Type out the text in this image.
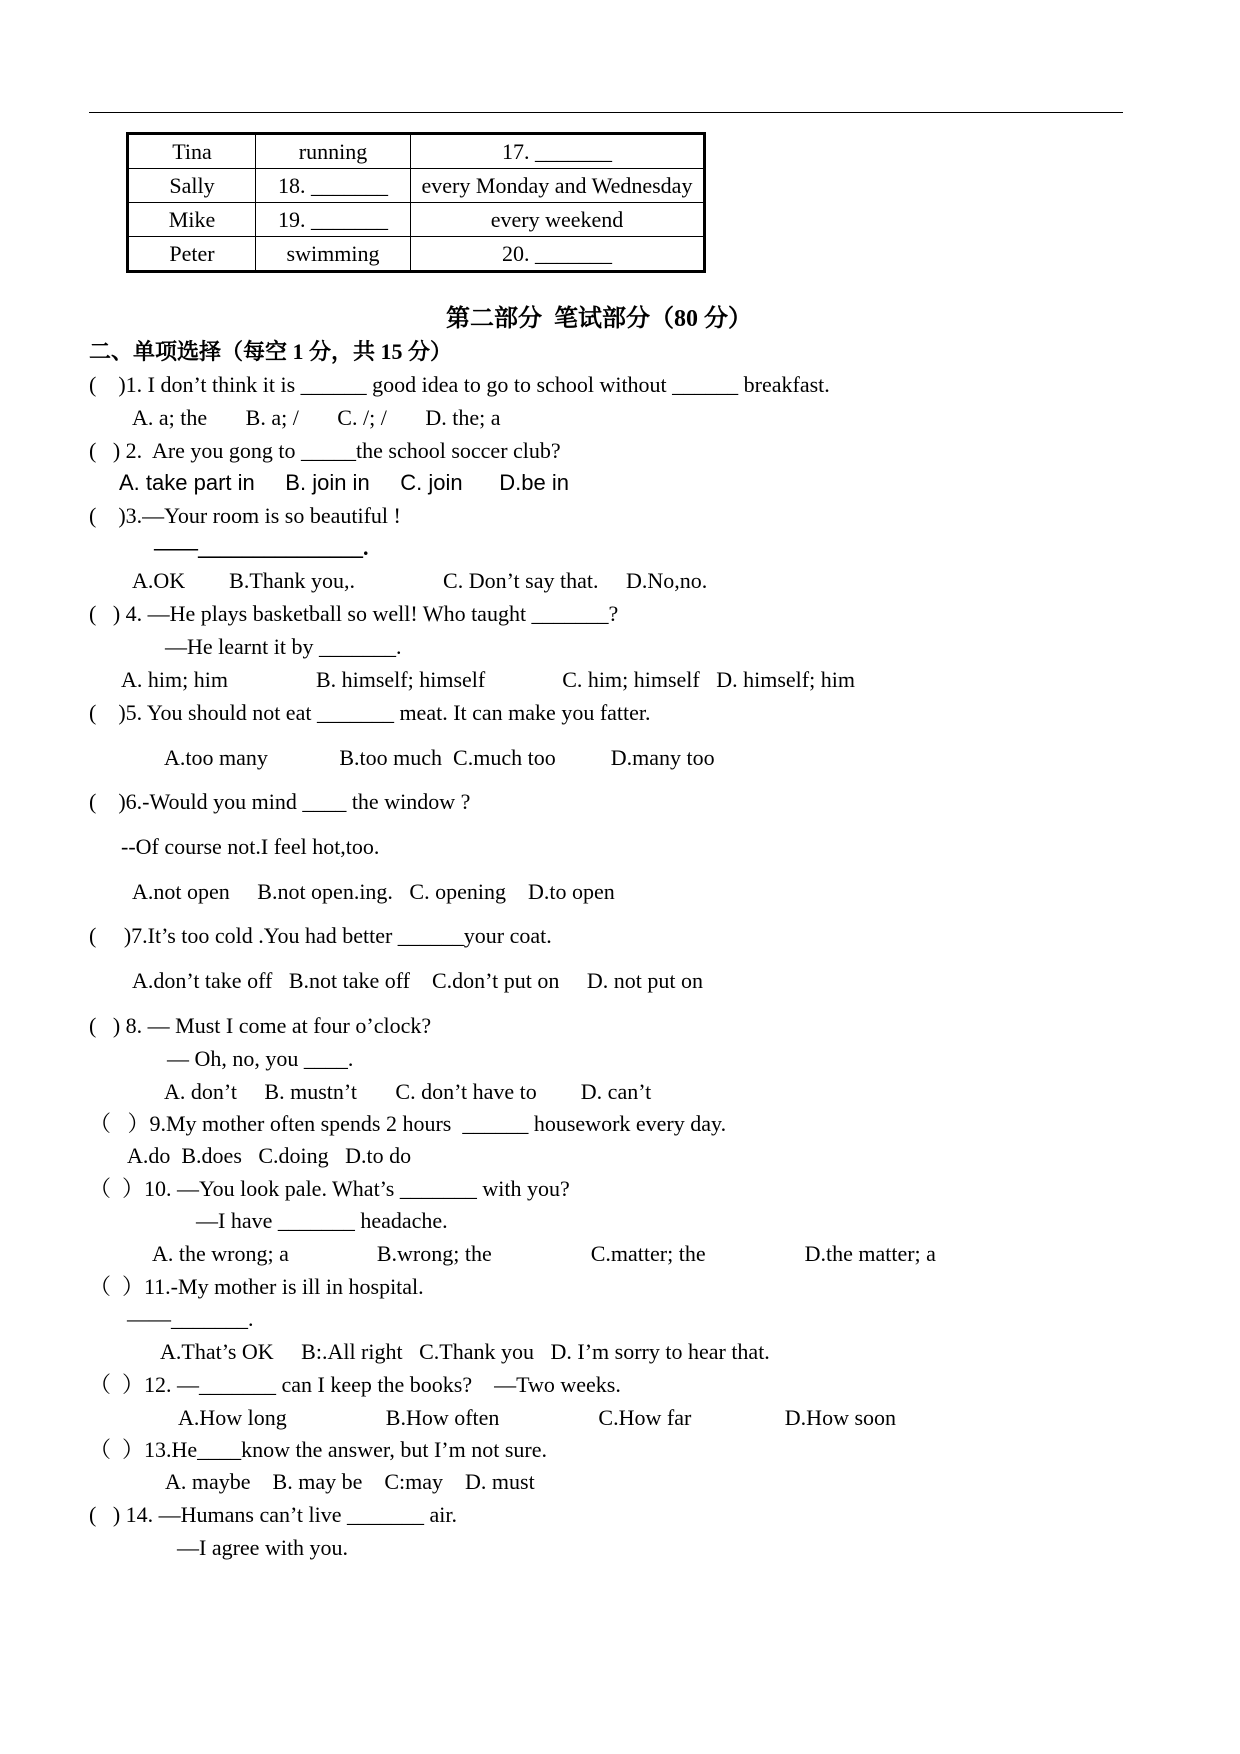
Tina	running	17. _______
Sally	18. _______	every Monday and Wednesday
Mike	19. _______	every weekend
Peter	swimming	20. _______
第二部分  笔试部分（80 分）
二、单项选择（每空 1 分，共 15 分）
(    )1. I don’t think it is ______ good idea to go to school without ______ breakfast.
A. a; the       B. a; /       C. /; /       D. the; a
(   ) 2.  Are you gong to _____the school soccer club?
A. take part in     B. join in     C. join      D.be in
(    )3.—Your room is so beautiful !
——_______________.
A.OK        B.Thank you,.                C. Don’t say that.     D.No,no.
(   ) 4. —He plays basketball so well! Who taught _______?
—He learnt it by _______.
A. him; him                B. himself; himself              C. him; himself   D. himself; him
(    )5. You should not eat _______ meat. It can make you fatter.
A.too many             B.too much  C.much too          D.many too
(    )6.-Would you mind ____ the window ?
--Of course not.I feel hot,too.
A.not open     B.not open.ing.   C. opening    D.to open
(     )7.It’s too cold .You had better ______your coat.
A.don’t take off   B.not take off    C.don’t put on     D. not put on
(   ) 8. — Must I come at four o’clock?
— Oh, no, you ____.
A. don’t     B. mustn’t       C. don’t have to        D. can’t
（   ）9.My mother often spends 2 hours  ______ housework every day.
A.do  B.does   C.doing   D.to do
（  ）10. —You look pale. What’s _______ with you?
—I have _______ headache.
A. the wrong; a                B.wrong; the                  C.matter; the                  D.the matter; a
（  ）11.-My mother is ill in hospital.
——_______.
A.That’s OK     B:.All right   C.Thank you   D. I’m sorry to hear that.
（  ）12. —_______ can I keep the books?    —Two weeks.
A.How long                  B.How often                  C.How far                 D.How soon
（  ）13.He____know the answer, but I’m not sure.
A. maybe    B. may be    C:may    D. must
(   ) 14. —Humans can’t live _______ air.
—I agree with you.
